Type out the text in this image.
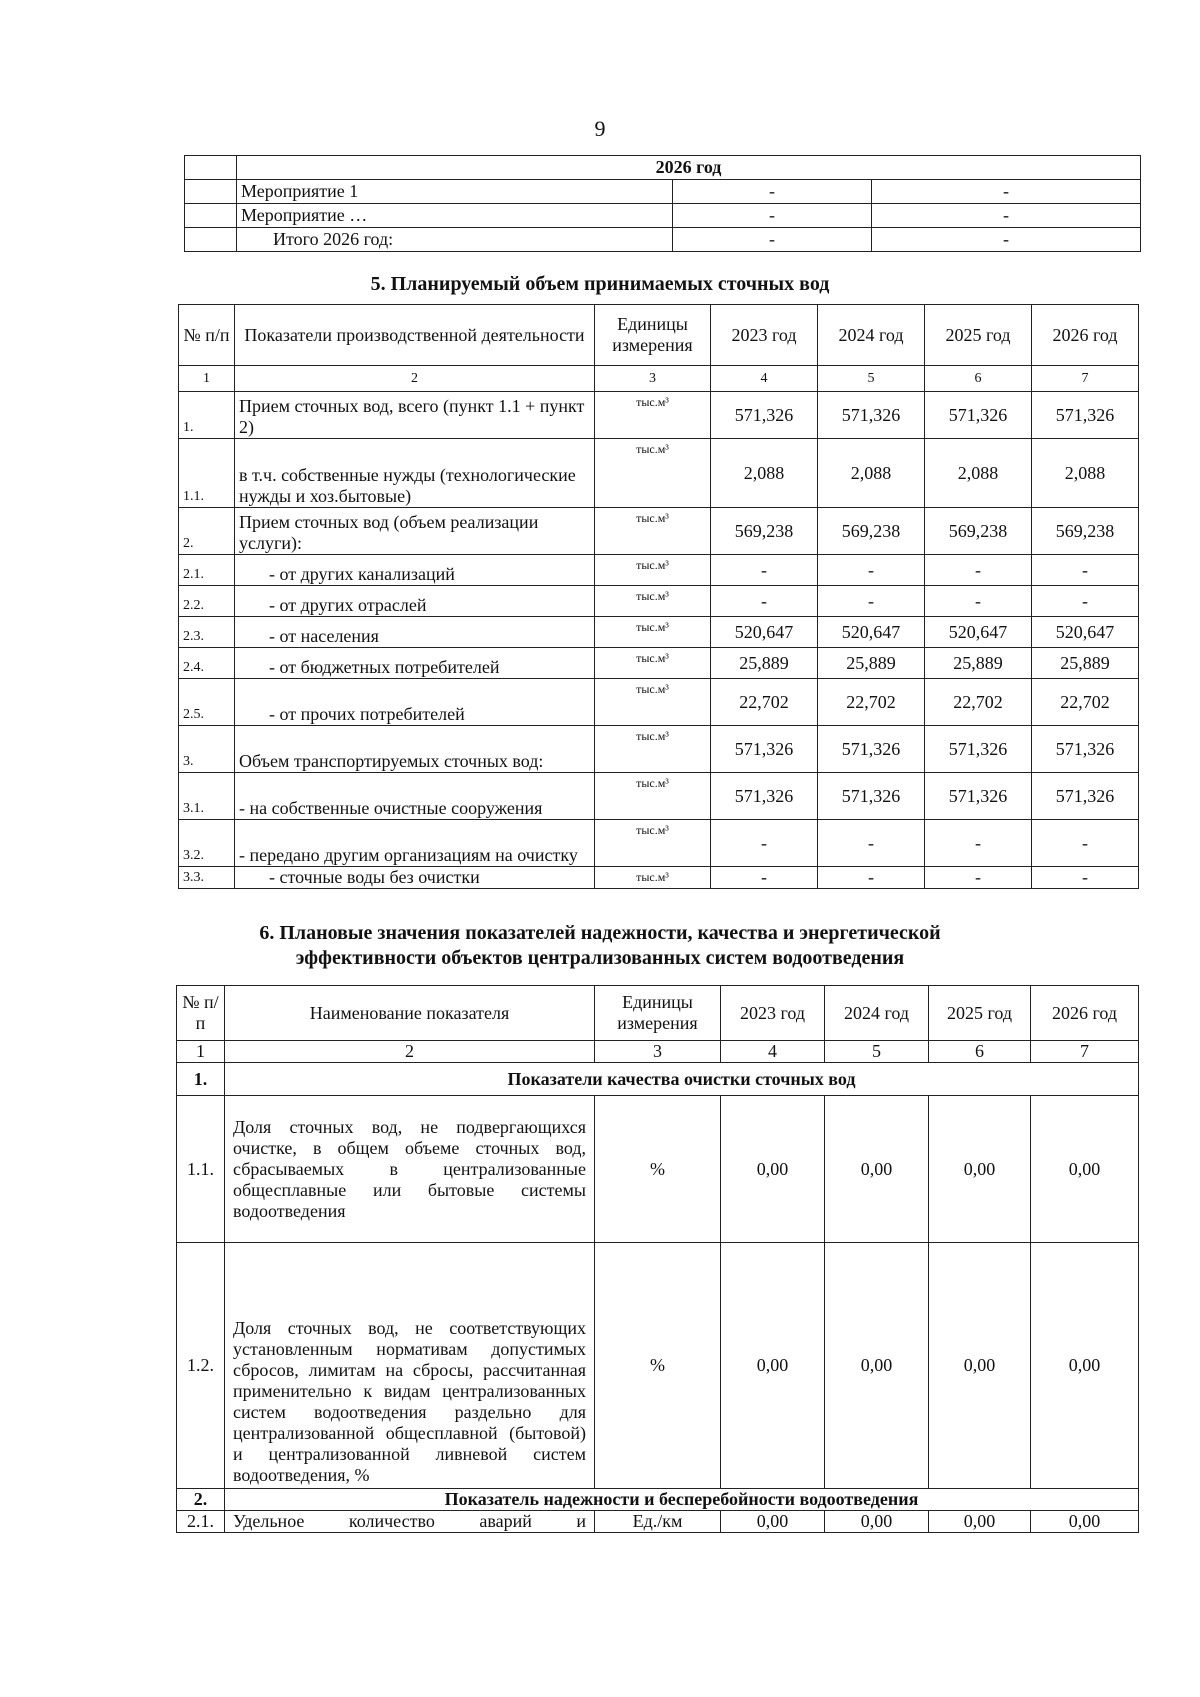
9
	2026 год		
	Мероприятие 1	-	-
	Мероприятие …	-	-
	Итого 2026 год:	-	-
5. Планируемый объем принимаемых сточных вод
№ п/п	Показатели производственной деятельности	Единицы измерения	2023 год	2024 год	2025 год	2026 год
1	2	3	4	5	6	7
1.	Прием сточных вод, всего (пункт 1.1 + пункт 2)	тыс.м³	571,326	571,326	571,326	571,326
1.1.	в т.ч. собственные нужды (технологические нужды и хоз.бытовые)	тыс.м³	2,088	2,088	2,088	2,088
2.	Прием сточных вод (объем реализации услуги):	тыс.м³	569,238	569,238	569,238	569,238
2.1.	- от других канализаций	тыс.м³	-	-	-	-
2.2.	- от других отраслей	тыс.м³	-	-	-	-
2.3.	- от населения	тыс.м³	520,647	520,647	520,647	520,647
2.4.	- от бюджетных потребителей	тыс.м³	25,889	25,889	25,889	25,889
2.5.	- от прочих потребителей	тыс.м³	22,702	22,702	22,702	22,702
3.	Объем транспортируемых сточных вод:	тыс.м³	571,326	571,326	571,326	571,326
3.1.	- на собственные очистные сооружения	тыс.м³	571,326	571,326	571,326	571,326
3.2.	- передано другим организациям на очистку	тыс.м³	-	-	-	-
3.3.	- сточные воды без очистки	тыс.м³	-	-	-	-
6. Плановые значения показателей надежности, качества и энергетической
эффективности объектов централизованных систем водоотведения
№ п/п	Наименование показателя	Единицы измерения	2023 год	2024 год	2025 год	2026 год
1	2	3	4	5	6	7
1.	Показатели качества очистки сточных вод					
1.1.	Доля сточных вод, не подвергающихся очистке, в общем объеме сточных вод, сбрасываемых в централизованные общесплавные или бытовые системы водоотведения	%	0,00	0,00	0,00	0,00
1.2.	Доля сточных вод, не соответствующих установленным нормативам допустимых сбросов, лимитам на сбросы, рассчитанная применительно к видам централизованных систем водоотведения раздельно для централизованной общесплавной (бытовой) и централизованной ливневой систем водоотведения, %	%	0,00	0,00	0,00	0,00
2.	Показатель надежности и бесперебойности водоотведения					
2.1.	Удельное количество аварий и	Ед./км	0,00	0,00	0,00	0,00
